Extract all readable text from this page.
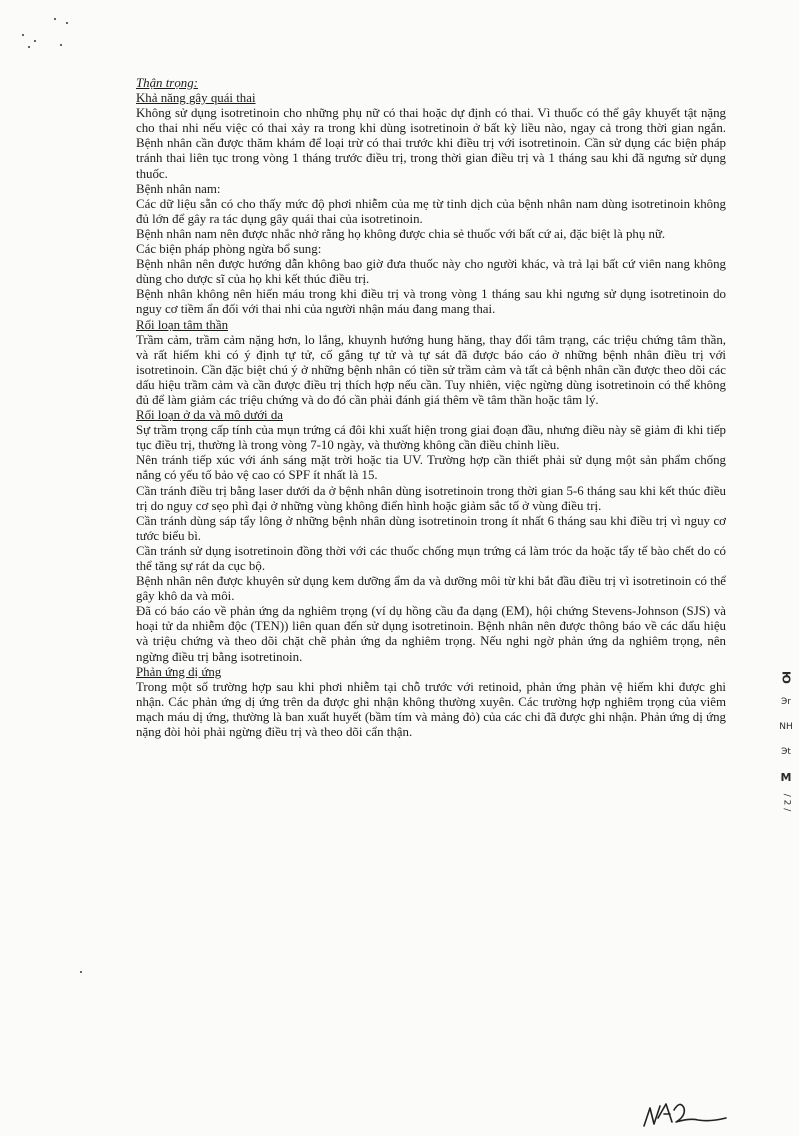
Thận trọng:

Khả năng gây quái thai

Không sử dụng isotretinoin cho những phụ nữ có thai hoặc dự định có thai. Vì thuốc có thể gây khuyết tật nặng cho thai nhi nếu việc có thai xảy ra trong khi dùng isotretinoin ở bất kỳ liều nào, ngay cả trong thời gian ngắn. Bệnh nhân cần được thăm khám để loại trừ có thai trước khi điều trị với isotretinoin. Cần sử dụng các biện pháp tránh thai liên tục trong vòng 1 tháng trước điều trị, trong thời gian điều trị và 1 tháng sau khi đã ngưng sử dụng thuốc.

Bệnh nhân nam:

Các dữ liệu sẵn có cho thấy mức độ phơi nhiễm của mẹ từ tinh dịch của bệnh nhân nam dùng isotretinoin không đủ lớn để gây ra tác dụng gây quái thai của isotretinoin.

Bệnh nhân nam nên được nhắc nhở rằng họ không được chia sẻ thuốc với bất cứ ai, đặc biệt là phụ nữ.

Các biện pháp phòng ngừa bổ sung:

Bệnh nhân nên được hướng dẫn không bao giờ đưa thuốc này cho người khác, và trả lại bất cứ viên nang không dùng cho dược sĩ của họ khi kết thúc điều trị.

Bệnh nhân không nên hiến máu trong khi điều trị và trong vòng 1 tháng sau khi ngưng sử dụng isotretinoin do nguy cơ tiềm ẩn đối với thai nhi của người nhận máu đang mang thai.

Rối loạn tâm thần

Trầm cảm, trầm cảm nặng hơn, lo lắng, khuynh hướng hung hăng, thay đổi tâm trạng, các triệu chứng tâm thần, và rất hiếm khi có ý định tự tử, cố gắng tự tử và tự sát đã được báo cáo ở những bệnh nhân điều trị với isotretinoin. Cần đặc biệt chú ý ở những bệnh nhân có tiền sử trầm cảm và tất cả bệnh nhân cần được theo dõi các dấu hiệu trầm cảm và cần được điều trị thích hợp nếu cần. Tuy nhiên, việc ngừng dùng isotretinoin có thể không đủ để làm giảm các triệu chứng và do đó cần phải đánh giá thêm về tâm thần hoặc tâm lý.

Rối loạn ở da và mô dưới da

Sự trầm trọng cấp tính của mụn trứng cá đôi khi xuất hiện trong giai đoạn đầu, nhưng điều này sẽ giảm đi khi tiếp tục điều trị, thường là trong vòng 7-10 ngày, và thường không cần điều chỉnh liều.

Nên tránh tiếp xúc với ánh sáng mặt trời hoặc tia UV. Trường hợp cần thiết phải sử dụng một sản phẩm chống nắng có yếu tố bảo vệ cao có SPF ít nhất là 15.

Cần tránh điều trị bằng laser dưới da ở bệnh nhân dùng isotretinoin trong thời gian 5-6 tháng sau khi kết thúc điều trị do nguy cơ sẹo phì đại ở những vùng không điển hình hoặc giảm sắc tố ở vùng điều trị.

Cần tránh dùng sáp tẩy lông ở những bệnh nhân dùng isotretinoin trong ít nhất 6 tháng sau khi điều trị vì nguy cơ tước biểu bì.

Cần tránh sử dụng isotretinoin đồng thời với các thuốc chống mụn trứng cá làm tróc da hoặc tẩy tế bào chết do có thể tăng sự rát da cục bộ.

Bệnh nhân nên được khuyên sử dụng kem dưỡng ẩm da và dưỡng môi từ khi bắt đầu điều trị vì isotretinoin có thể gây khô da và môi.

Đã có báo cáo về phản ứng da nghiêm trọng (ví dụ hồng cầu đa dạng (EM), hội chứng Stevens-Johnson (SJS) và hoại tử da nhiễm độc (TEN)) liên quan đến sử dụng isotretinoin. Bệnh nhân nên được thông báo về các dấu hiệu và triệu chứng và theo dõi chặt chẽ phản ứng da nghiêm trọng. Nếu nghi ngờ phản ứng da nghiêm trọng, nên ngừng điều trị bằng isotretinoin.

Phản ứng dị ứng

Trong một số trường hợp sau khi phơi nhiễm tại chỗ trước với retinoid, phản ứng phản vệ hiếm khi được ghi nhận. Các phản ứng dị ứng trên da được ghi nhận không thường xuyên. Các trường hợp nghiêm trọng của viêm mạch máu dị ứng, thường là ban xuất huyết (bầm tím và mảng đỏ) của các chi đã được ghi nhận. Phản ứng dị ứng nặng đòi hỏi phải ngừng điều trị và theo dõi cẩn thận.

Ю
Эr
NH
Эt
M
/ 2 /
